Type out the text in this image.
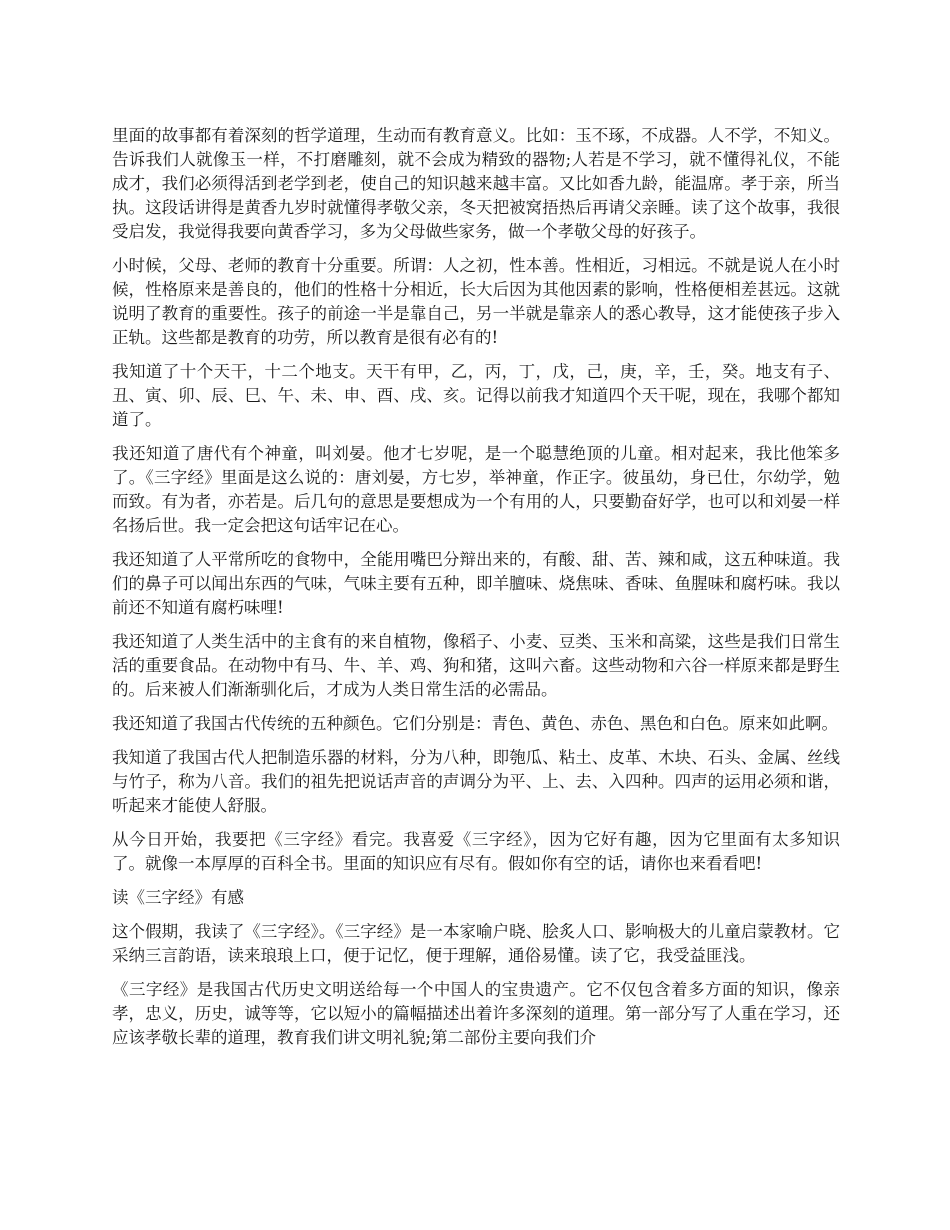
里面的故事都有着深刻的哲学道理，生动而有教育意义。比如：玉不琢，不成器。人不学，不知义。告诉我们人就像玉一样，不打磨雕刻，就不会成为精致的器物;人若是不学习，就不懂得礼仪，不能成才，我们必须得活到老学到老，使自己的知识越来越丰富。又比如香九龄，能温席。孝于亲，所当执。这段话讲得是黄香九岁时就懂得孝敬父亲，冬天把被窝捂热后再请父亲睡。读了这个故事，我很受启发，我觉得我要向黄香学习，多为父母做些家务，做一个孝敬父母的好孩子。

小时候，父母、老师的教育十分重要。所谓：人之初，性本善。性相近，习相远。不就是说人在小时候，性格原来是善良的，他们的性格十分相近，长大后因为其他因素的影响，性格便相差甚远。这就说明了教育的重要性。孩子的前途一半是靠自己，另一半就是靠亲人的悉心教导，这才能使孩子步入正轨。这些都是教育的功劳，所以教育是很有必有的!

我知道了十个天干，十二个地支。天干有甲，乙，丙，丁，戊，己，庚，辛，壬，癸。地支有子、丑、寅、卯、辰、巳、午、未、申、酉、戌、亥。记得以前我才知道四个天干呢，现在，我哪个都知道了。

我还知道了唐代有个神童，叫刘晏。他才七岁呢，是一个聪慧绝顶的儿童。相对起来，我比他笨多了。《三字经》里面是这么说的：唐刘晏，方七岁，举神童，作正字。彼虽幼，身已仕，尔幼学，勉而致。有为者，亦若是。后几句的意思是要想成为一个有用的人，只要勤奋好学，也可以和刘晏一样名扬后世。我一定会把这句话牢记在心。

我还知道了人平常所吃的食物中，全能用嘴巴分辩出来的，有酸、甜、苦、辣和咸，这五种味道。我们的鼻子可以闻出东西的气味，气味主要有五种，即羊膻味、烧焦味、香味、鱼腥味和腐朽味。我以前还不知道有腐朽味哩!

我还知道了人类生活中的主食有的来自植物，像稻子、小麦、豆类、玉米和高粱，这些是我们日常生活的重要食品。在动物中有马、牛、羊、鸡、狗和猪，这叫六畜。这些动物和六谷一样原来都是野生的。后来被人们渐渐驯化后，才成为人类日常生活的必需品。

我还知道了我国古代传统的五种颜色。它们分别是：青色、黄色、赤色、黑色和白色。原来如此啊。

我知道了我国古代人把制造乐器的材料，分为八种，即匏瓜、粘土、皮革、木块、石头、金属、丝线与竹子，称为八音。我们的祖先把说话声音的声调分为平、上、去、入四种。四声的运用必须和谐，听起来才能使人舒服。

从今日开始，我要把《三字经》看完。我喜爱《三字经》，因为它好有趣，因为它里面有太多知识了。就像一本厚厚的百科全书。里面的知识应有尽有。假如你有空的话，请你也来看看吧!

读《三字经》有感

这个假期，我读了《三字经》。《三字经》是一本家喻户晓、脍炙人口、影响极大的儿童启蒙教材。它采纳三言韵语，读来琅琅上口，便于记忆，便于理解，通俗易懂。读了它，我受益匪浅。

《三字经》是我国古代历史文明送给每一个中国人的宝贵遗产。它不仅包含着多方面的知识，像亲孝，忠义，历史，诚等等，它以短小的篇幅描述出着许多深刻的道理。第一部分写了人重在学习，还应该孝敬长辈的道理，教育我们讲文明礼貌;第二部份主要向我们介
